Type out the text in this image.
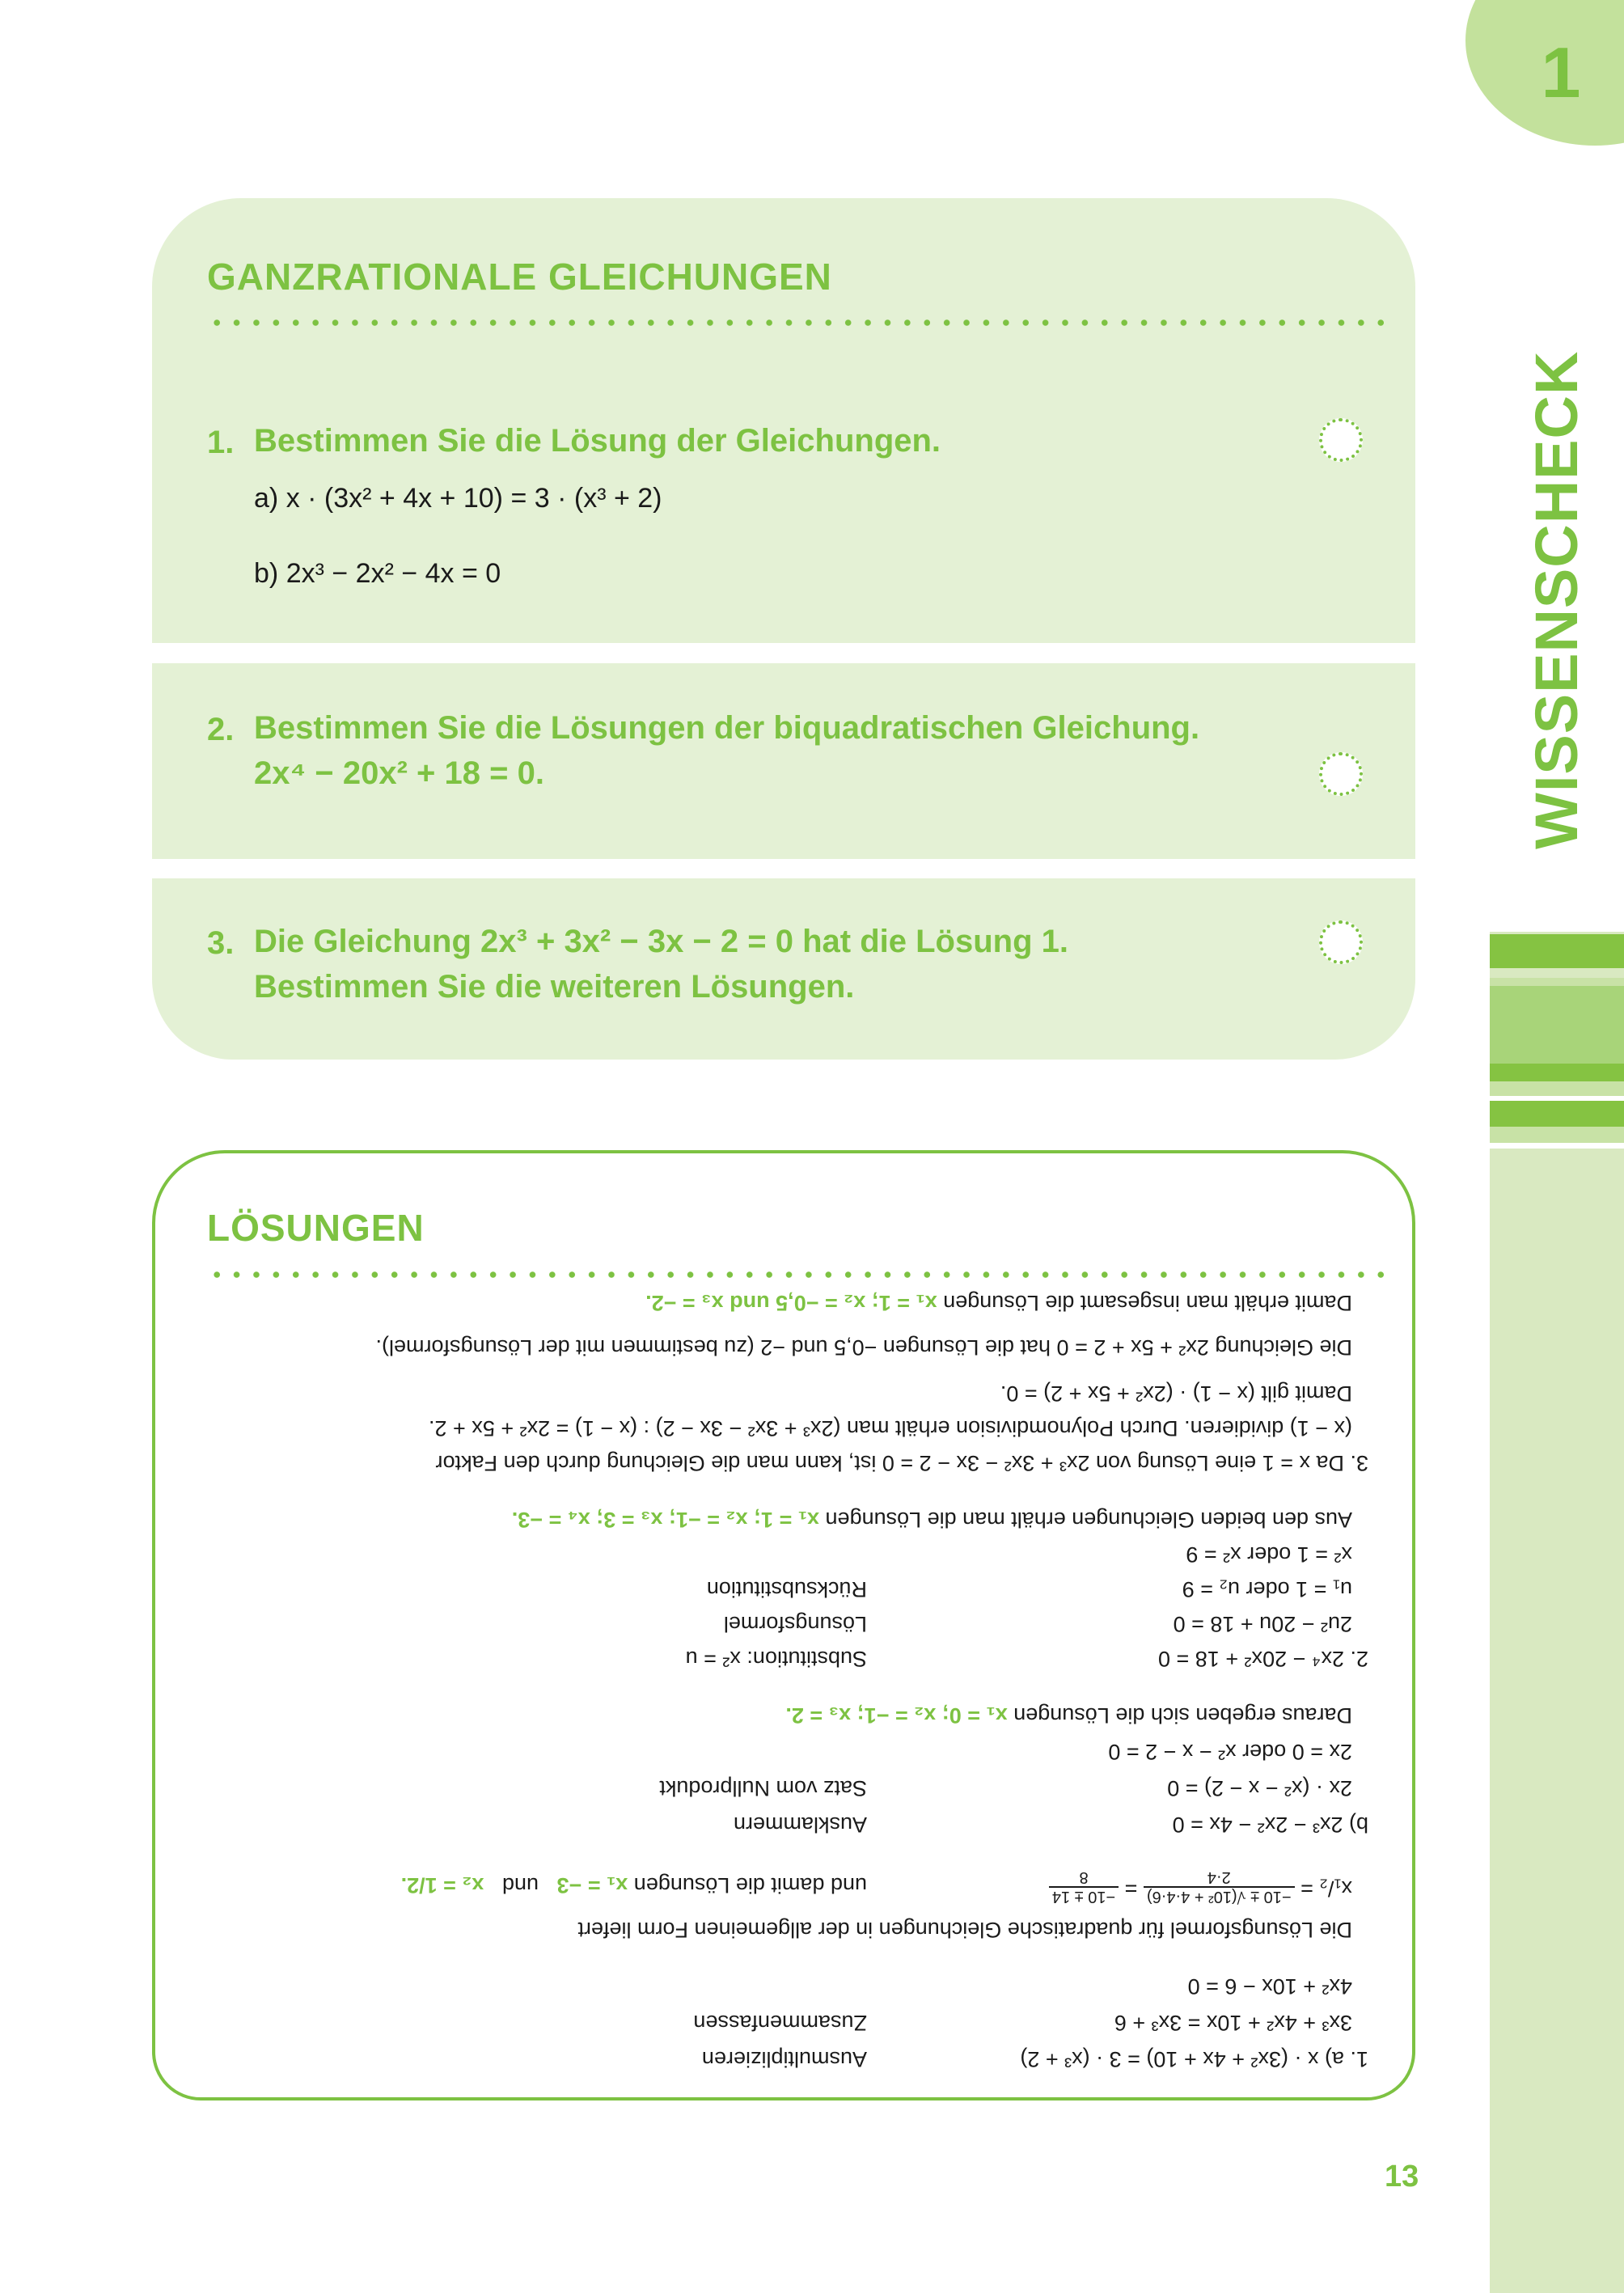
1
WISSENSCHECK
GANZRATIONALE GLEICHUNGEN
1. Bestimmen Sie die Lösung der Gleichungen.
a) x · (3x² + 4x + 10) = 3 · (x³ + 2)
b) 2x³ − 2x² − 4x = 0
2. Bestimmen Sie die Lösungen der biquadratischen Gleichung.
2x⁴ − 20x² + 18 = 0.
3. Die Gleichung 2x³ + 3x² − 3x − 2 = 0 hat die Lösung 1.
Bestimmen Sie die weiteren Lösungen.
LÖSUNGEN
1. a) x · (3x² + 4x + 10) = 3 · (x³ + 2)
Ausmultiplizieren
3x³ + 4x² + 10x = 3x³ + 6
Zusammenfassen
4x² + 10x − 6 = 0
Die Lösungsformel für quadratische Gleichungen in der allgemeinen Form liefert
x₁/₂ =
−10 ± √(10² + 4·4·6)
2·4
=
−10 ± 14
8
und damit die Lösungen x₁ = −3   und   x₂ = 1/2.
b) 2x³ − 2x² − 4x = 0
Ausklammern
2x · (x² − x − 2) = 0
Satz vom Nullprodukt
2x = 0 oder x² − x − 2 = 0
Daraus ergeben sich die Lösungen x₁ = 0; x₂ = −1; x₃ = 2.
2. 2x⁴ − 20x² + 18 = 0
Substitution: x² = u
2u² − 20u + 18 = 0
Lösungsformel
u₁ = 1 oder u₂ = 9
Rücksubstitution
x² = 1 oder x² = 9
Aus den beiden Gleichungen erhält man die Lösungen x₁ = 1; x₂ = −1; x₃ = 3; x₄ = −3.
3. Da x = 1 eine Lösung von 2x³ + 3x² − 3x − 2 = 0 ist, kann man die Gleichung durch den Faktor
(x − 1) dividieren. Durch Polynomdivision erhält man (2x³ + 3x² − 3x − 2) : (x − 1) = 2x² + 5x + 2.
Damit gilt (x − 1) · (2x² + 5x + 2) = 0.
Die Gleichung 2x² + 5x + 2 = 0 hat die Lösungen −0,5 und −2 (zu bestimmen mit der Lösungsformel).
Damit erhält man insgesamt die Lösungen x₁ = 1; x₂ = −0,5 und x₃ = −2.
13
